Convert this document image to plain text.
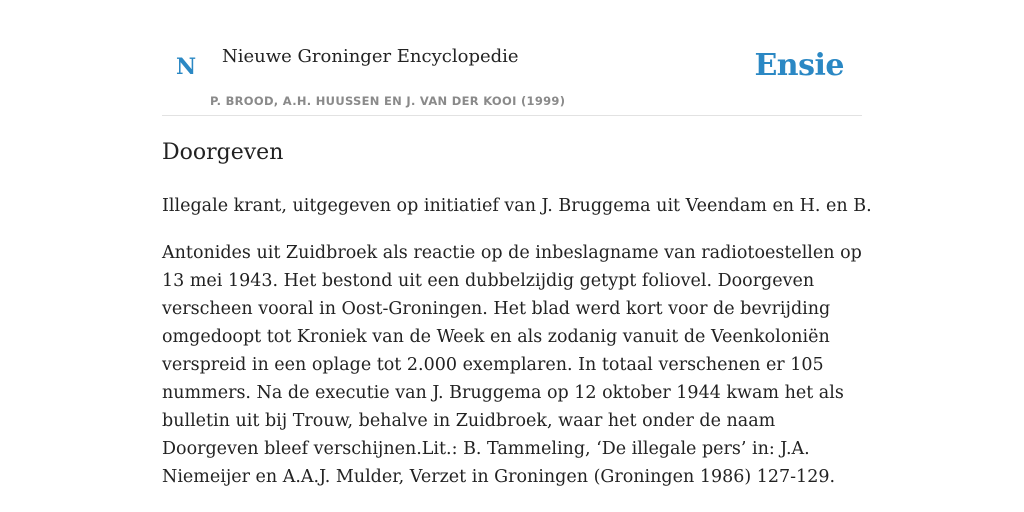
N Nieuwe Groninger Encyclopedie
P. BROOD, A.H. HUUSSEN EN J. VAN DER KOOI (1999)
Ensie
Doorgeven

Illegale krant, uitgegeven op initiatief van J. Bruggema uit Veendam en H. en B.

Antonides uit Zuidbroek als reactie op de inbeslagname van radiotoestellen op 13 mei 1943. Het bestond uit een dubbelzijdig getypt foliovel. Doorgeven verscheen vooral in Oost-Groningen. Het blad werd kort voor de bevrijding omgedoopt tot Kroniek van de Week en als zodanig vanuit de Veenkoloniën verspreid in een oplage tot 2.000 exemplaren. In totaal verschenen er 105 nummers. Na de executie van J. Bruggema op 12 oktober 1944 kwam het als bulletin uit bij Trouw, behalve in Zuidbroek, waar het onder de naam Doorgeven bleef verschijnen.Lit.: B. Tammeling, ‘De illegale pers’ in: J.A. Niemeijer en A.A.J. Mulder, Verzet in Groningen (Groningen 1986) 127-129.
